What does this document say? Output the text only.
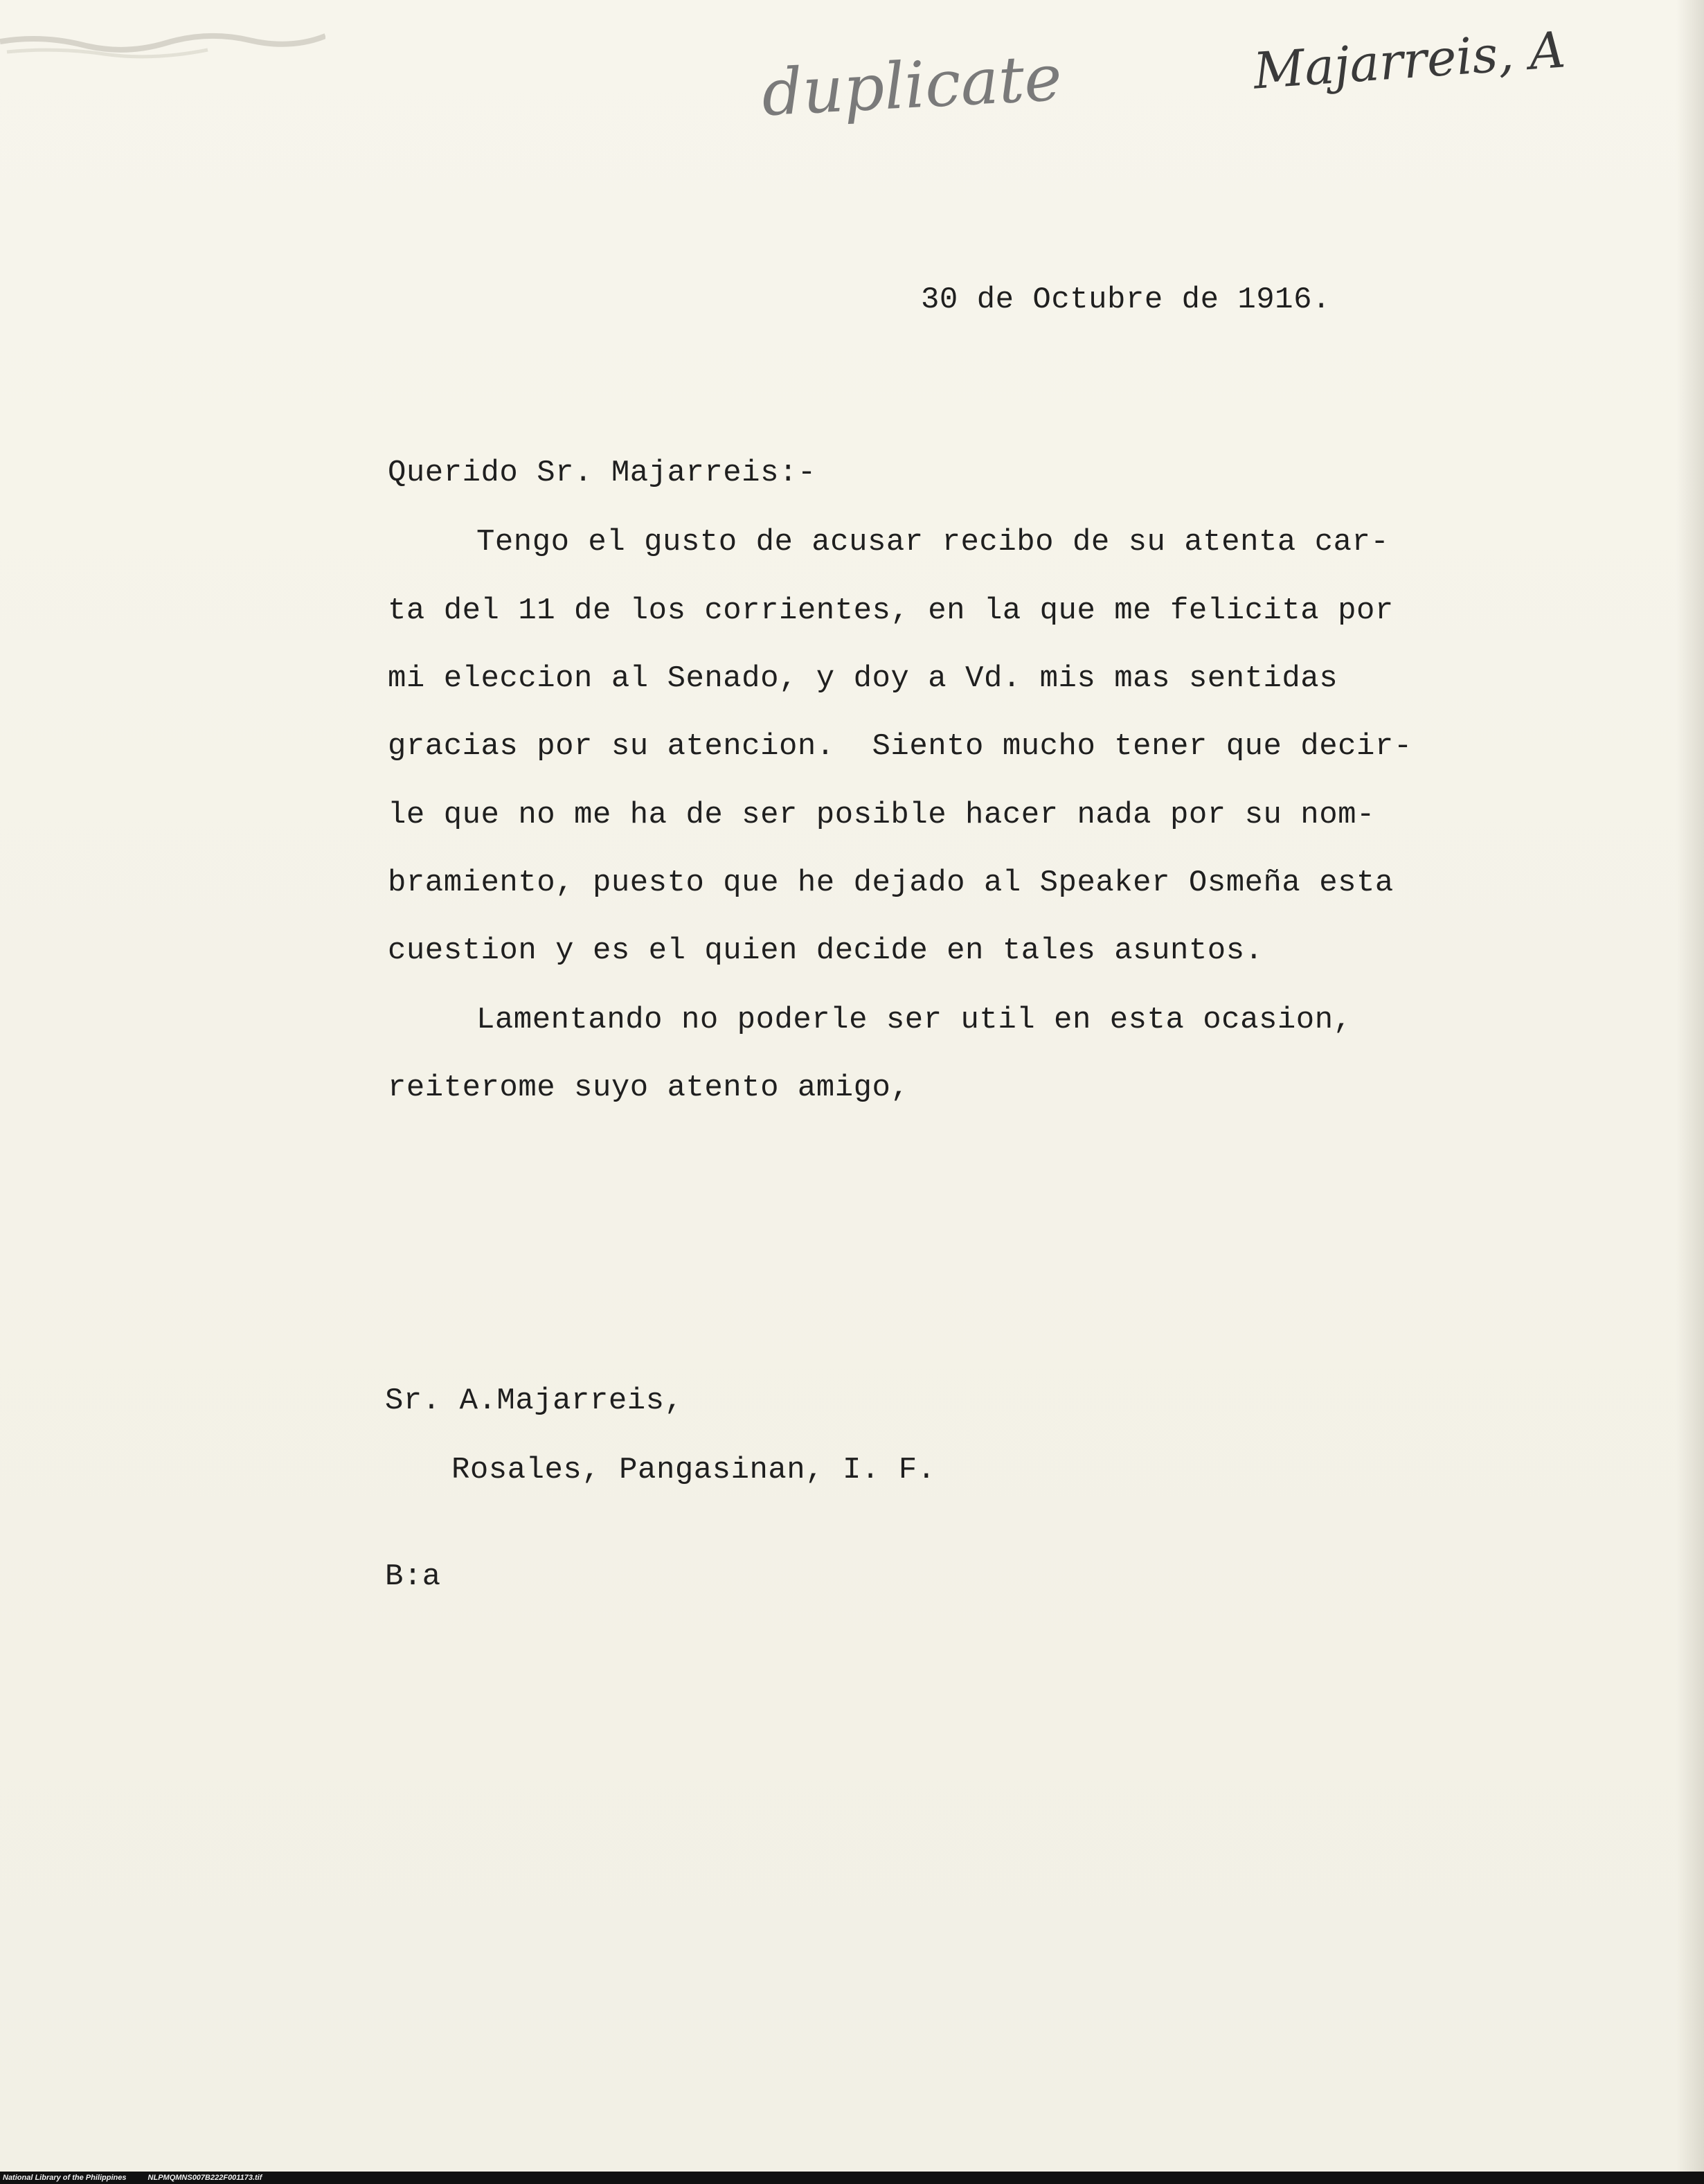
duplicate	Majarreis, A
30 de Octubre de 1916.
Querido Sr. Majarreis:-
Tengo el gusto de acusar recibo de su atenta car-
ta del 11 de los corrientes, en la que me felicita por
mi eleccion al Senado, y doy a Vd. mis mas sentidas
gracias por su atencion.  Siento mucho tener que decir-
le que no me ha de ser posible hacer nada por su nom-
bramiento, puesto que he dejado al Speaker Osmeña esta
cuestion y es el quien decide en tales asuntos.
Lamentando no poderle ser util en esta ocasion,
reiterome suyo atento amigo,
Sr. A.Majarreis,
Rosales, Pangasinan, I. F.
B:a
National Library of the Philippines	NLPMQMNS007B222F001173.tif
